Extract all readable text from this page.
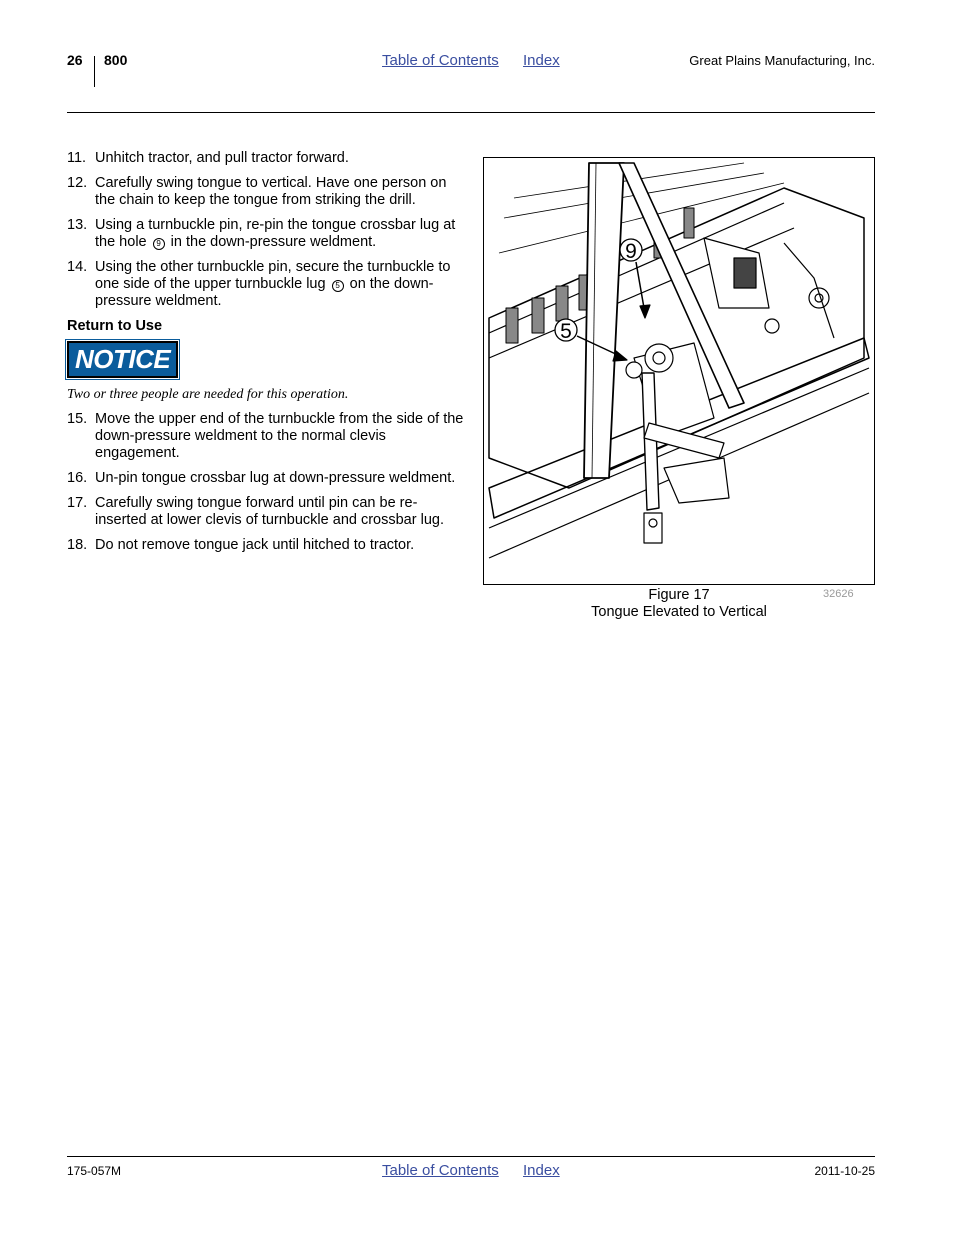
26 800	Table of Contents Index	Great Plains Manufacturing, Inc.
11. Unhitch tractor, and pull tractor forward.
12. Carefully swing tongue to vertical. Have one person on the chain to keep the tongue from striking the drill.
13. Using a turnbuckle pin, re-pin the tongue crossbar lug at the hole 9 in the down-pressure weldment.
14. Using the other turnbuckle pin, secure the turnbuckle to one side of the upper turnbuckle lug 5 on the down-pressure weldment.
Return to Use
NOTICE
Two or three people are needed for this operation.
15. Move the upper end of the turnbuckle from the side of the down-pressure weldment to the normal clevis engagement.
16. Un-pin tongue crossbar lug at down-pressure weldment.
17. Carefully swing tongue forward until pin can be re-inserted at lower clevis of turnbuckle and crossbar lug.
18. Do not remove tongue jack until hitched to tractor.
9
5
Figure 17
Tongue Elevated to Vertical
32626
175-057M	Table of Contents Index	2011-10-25
